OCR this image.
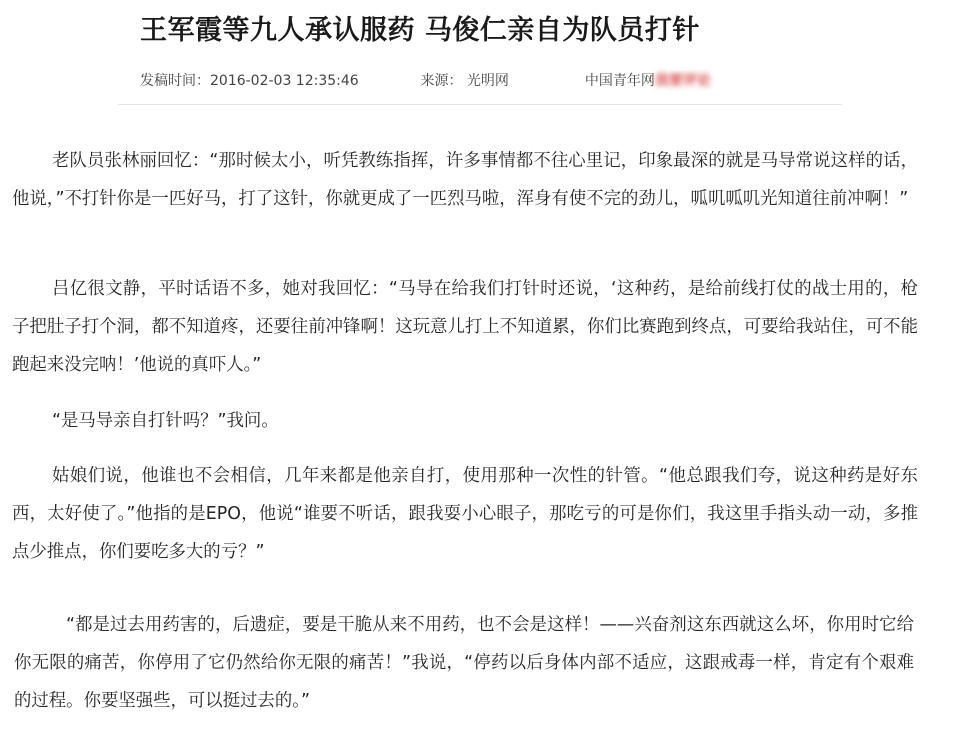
王军霞等九人承认服药 马俊仁亲自为队员打针
发稿时间：2016-02-03 12:35:46	来源： 光明网	中国青年网我要评论

老队员张林丽回忆：“那时候太小，听凭教练指挥，许多事情都不往心里记，印象最深的就是马导常说这样的话，他说，”不打针你是一匹好马，打了这针，你就更成了一匹烈马啦，浑身有使不完的劲儿，呱叽呱叽光知道往前冲啊！”

吕亿很文静，平时话语不多，她对我回忆：“马导在给我们打针时还说，‘这种药，是给前线打仗的战士用的，枪子把肚子打个洞，都不知道疼，还要往前冲锋啊！这玩意儿打上不知道累，你们比赛跑到终点，可要给我站住，可不能跑起来没完呐！’他说的真吓人。”

“是马导亲自打针吗？”我问。

姑娘们说，他谁也不会相信，几年来都是他亲自打，使用那种一次性的针管。“他总跟我们夸，说这种药是好东西，太好使了。”他指的是EPO，他说“谁要不听话，跟我耍小心眼子，那吃亏的可是你们，我这里手指头动一动，多推点少推点，你们要吃多大的亏？”

“都是过去用药害的，后遗症，要是干脆从来不用药，也不会是这样！——兴奋剂这东西就这么坏，你用时它给你无限的痛苦，你停用了它仍然给你无限的痛苦！”我说，“停药以后身体内部不适应，这跟戒毒一样，肯定有个艰难的过程。你要坚强些，可以挺过去的。”
